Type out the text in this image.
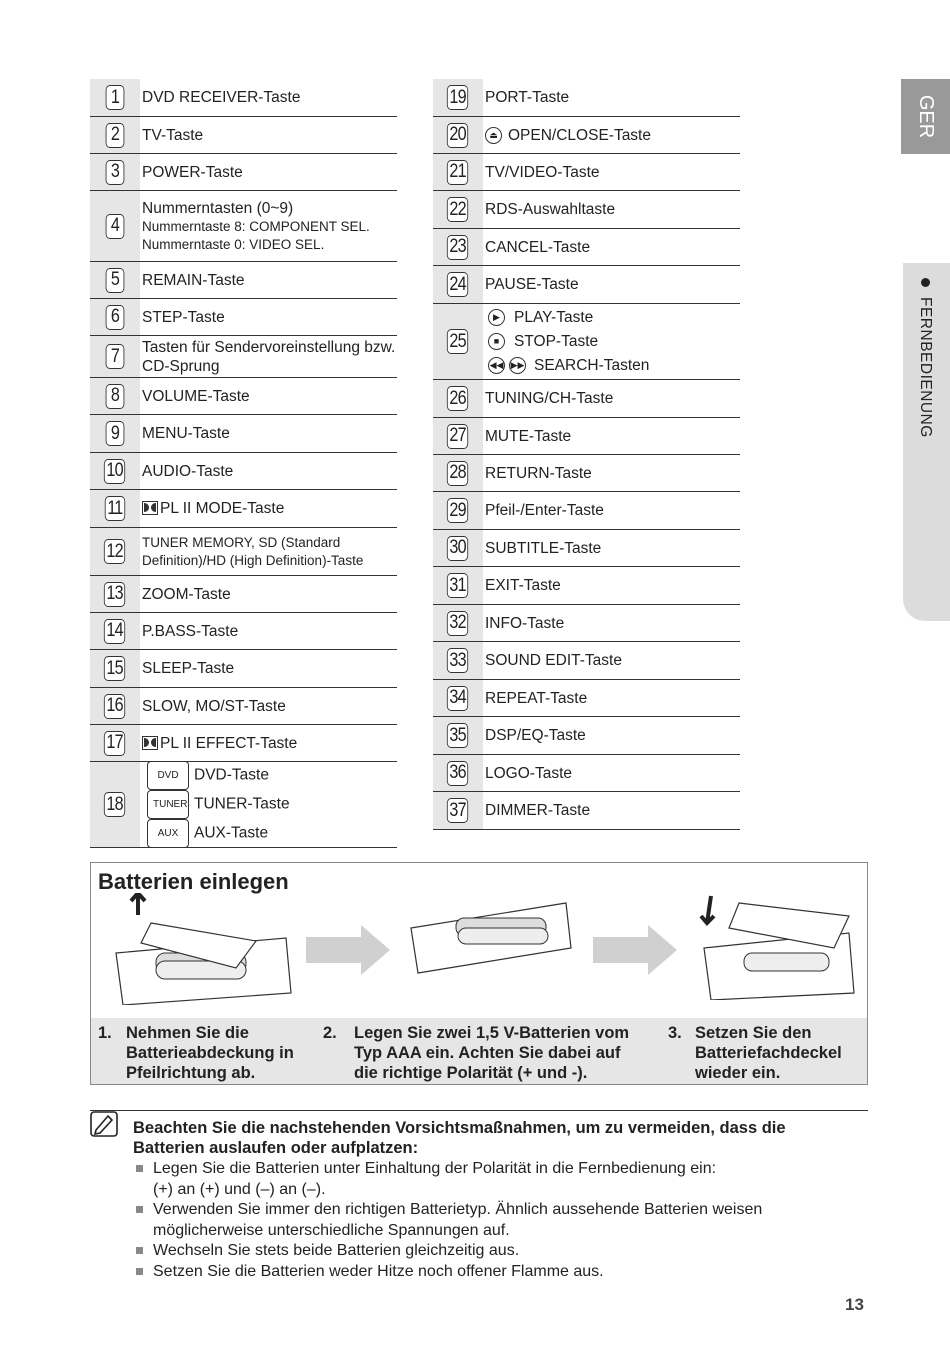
GER
FERNBEDIENUNG
1	DVD RECEIVER-Taste
2	TV-Taste
3	POWER-Taste
4
Nummerntasten (0~9)
Nummerntaste 8: COMPONENT SEL.
Nummerntaste 0: VIDEO SEL.
5	REMAIN-Taste
6	STEP-Taste
7	Tasten für Sendervoreinstellung bzw.
CD-Sprung
8	VOLUME-Taste
9	MENU-Taste
10 AUDIO-Taste
11	PL II MODE-Taste
12 TUNER MEMORY, SD (Standard
Definition)/HD (High Definition)-Taste
13 ZOOM-Taste
14 P.BASS-Taste
15 SLEEP-Taste
16 SLOW, MO/ST-Taste
17	PL II EFFECT-Taste
18
DVD DVD-Taste
TUNER TUNER-Taste
AUX AUX-Taste
19 PORT-Taste
20	⏏ OPEN/CLOSE-Taste
21 TV/VIDEO-Taste
22 RDS-Auswahltaste
23 CANCEL-Taste
24 PAUSE-Taste
25
▶ PLAY-Taste
■ STOP-Taste
◀◀ ▶▶ SEARCH-Tasten
26 TUNING/CH-Taste
27 MUTE-Taste
28 RETURN-Taste
29 Pfeil-/Enter-Taste
30 SUBTITLE-Taste
31 EXIT-Taste
32 INFO-Taste
33 SOUND EDIT-Taste
34 REPEAT-Taste
35 DSP/EQ-Taste
36 LOGO-Taste
37 DIMMER-Taste
Batterien einlegen
1. Nehmen Sie die Batterieabdeckung in Pfeilrichtung ab.
2.	Legen Sie zwei 1,5 V-Batterien vom Typ AAA ein. Achten Sie dabei auf die richtige Polarität (+ und -).
3. Setzen Sie den Batteriefachdeckel wieder ein.
Beachten Sie die nachstehenden Vorsichtsmaßnahmen, um zu vermeiden, dass die Batterien auslaufen oder aufplatzen:
Legen Sie die Batterien unter Einhaltung der Polarität in die Fernbedienung ein: (+) an (+) und (–) an (–).
Verwenden Sie immer den richtigen Batterietyp. Ähnlich aussehende Batterien weisen möglicherweise unterschiedliche Spannungen auf.
Wechseln Sie stets beide Batterien gleichzeitig aus.
Setzen Sie die Batterien weder Hitze noch offener Flamme aus.
13
